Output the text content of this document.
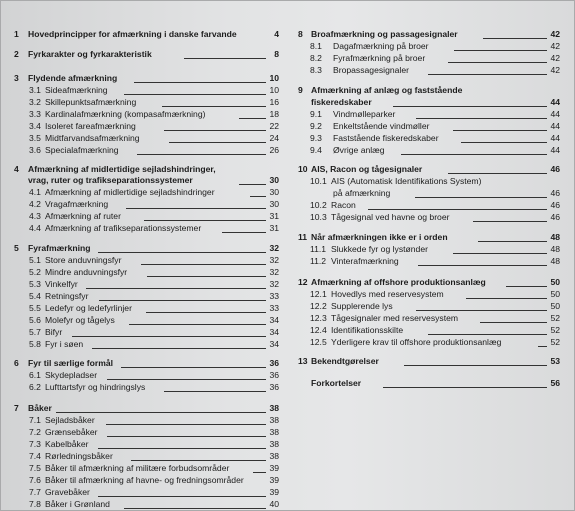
1 Hovedprincipper for afmærkning i danske farvande	4
2 Fyrkarakter og fyrkarakteristik	8
3 Flydende afmærkning	10
3.1 Sideafmærkning	10
3.2 Skillepunktsafmærkning	16
3.3 Kardinalafmærkning (kompasafmærkning)	18
3.4 Isoleret fareafmærkning	22
3.5 Midtfarvandsafmærkning	24
3.6 Specialafmærkning	26
4 Afmærkning af midlertidige sejladshindringer,
vrag, ruter og trafikseparationssystemer	30
4.1 Afmærkning af midlertidige sejladshindringer	30
4.2 Vragafmærkning	30
4.3 Afmærkning af ruter	31
4.4 Afmærkning af trafikseparationssystemer	31
5 Fyrafmærkning	32
5.1 Store anduvningsfyr	32
5.2 Mindre anduvningsfyr	32
5.3 Vinkelfyr	32
5.4 Retningsfyr	33
5.5 Ledefyr og ledefyrlinjer	33
5.6 Molefyr og tågelys	34
5.7 Bifyr	34
5.8 Fyr i søen	34
6 Fyr til særlige formål	36
6.1 Skydepladser	36
6.2 Lufttartsfyr og hindringslys	36
7 Båker	38
7.1 Sejladsbåker	38
7.2 Grænsebåker	38
7.3 Kabelbåker	38
7.4 Rørledningsbåker	38
7.5 Båker til afmærkning af militære forbudsområder	39
7.6 Båker til afmærkning af havne- og fredningsområder	39
7.7 Gravebåker	39
7.8 Båker i Grønland	40
8 Broafmærkning og passagesignaler	42
8.1 Dagafmærkning på broer	42
8.2 Fyrafmærkning på broer	42
8.3 Bropassagesignaler	42
9 Afmærkning af anlæg og faststående
fiskeredskaber	44
9.1 Vindmølleparker	44
9.2 Enkeltstående vindmøller	44
9.3 Faststående fiskeredskaber	44
9.4 Øvrige anlæg	44
10 AIS, Racon og tågesignaler	46
10.1 AIS (Automatisk Identifikations System)
på afmærkning	46
10.2 Racon	46
10.3 Tågesignal ved havne og broer	46
11 Når afmærkningen ikke er i orden	48
11.1 Slukkede fyr og lystønder	48
11.2 Vinterafmærkning	48
12 Afmærkning af offshore produktionsanlæg	50
12.1 Hovedlys med reservesystem	50
12.2 Supplerende lys	50
12.3 Tågesignaler med reservesystem	52
12.4 Identifikationsskilte	52
12.5 Yderligere krav til offshore produktionsanlæg	52
13 Bekendtgørelser	53
Forkortelser	56
